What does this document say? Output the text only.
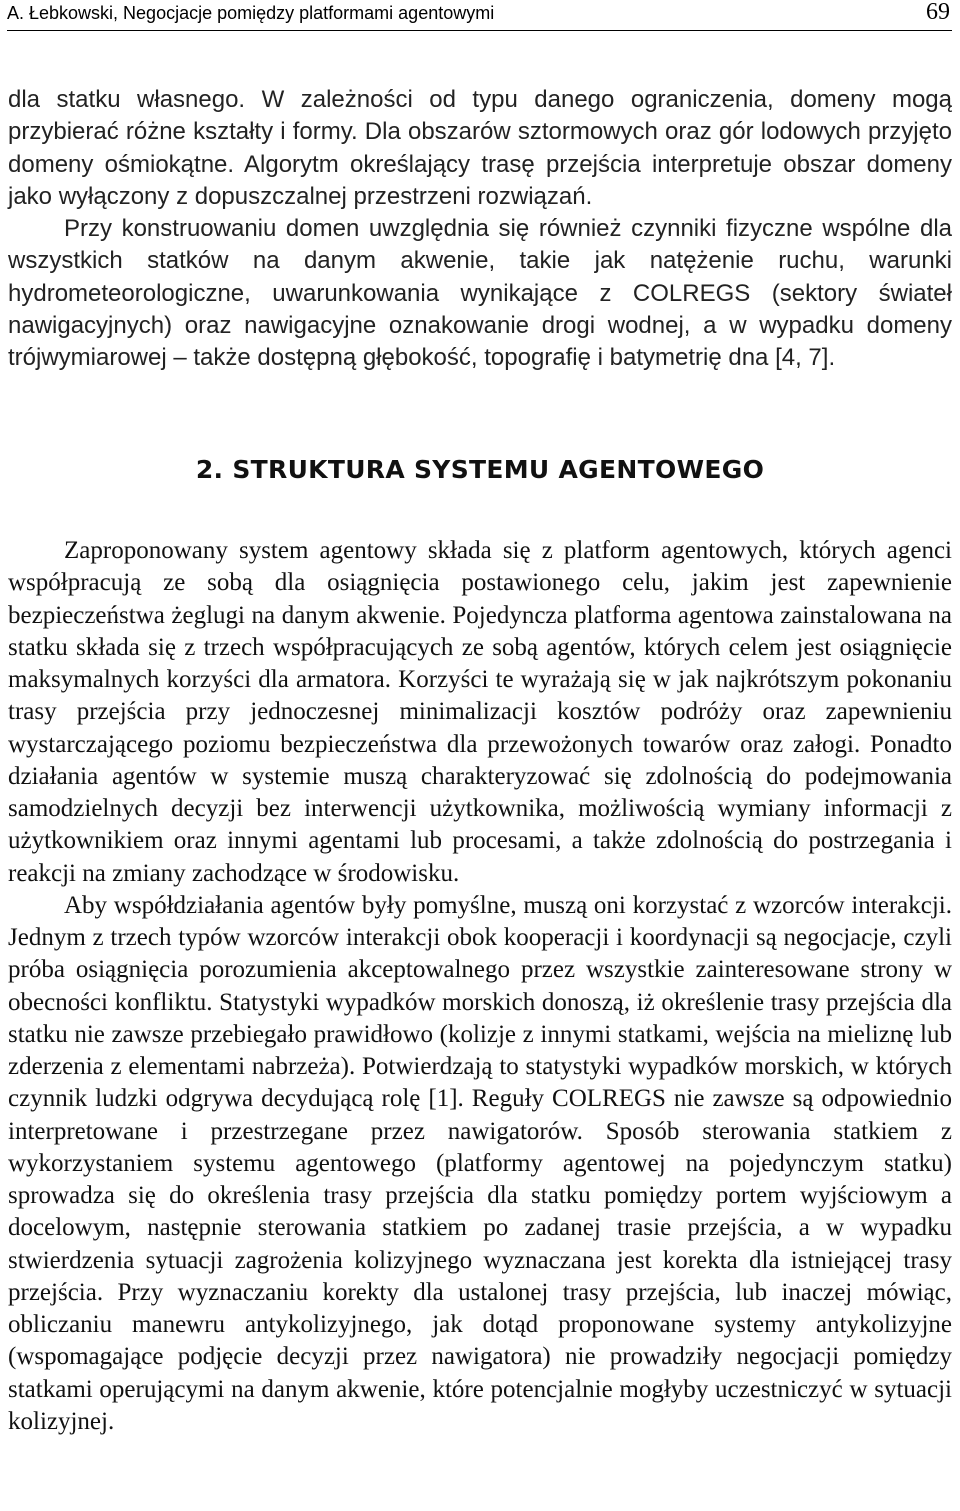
A. Łebkowski, Negocjacje pomiędzy platformami agentowymi	69

dla statku własnego. W zależności od typu danego ograniczenia, domeny mogą przybierać różne kształty i formy. Dla obszarów sztormowych oraz gór lodowych przyjęto domeny ośmiokątne. Algorytm określający trasę przejścia interpretuje obszar domeny jako wyłączony z dopuszczalnej przestrzeni rozwiązań.

Przy konstruowaniu domen uwzględnia się również czynniki fizyczne wspólne dla wszystkich statków na danym akwenie, takie jak natężenie ruchu, warunki hydrometeorologiczne, uwarunkowania wynikające z COLREGS (sektory świateł nawigacyjnych) oraz nawigacyjne oznakowanie drogi wodnej, a w wypadku domeny trójwymiarowej – także dostępną głębokość, topografię i batymetrię dna [4, 7].

2. STRUKTURA SYSTEMU AGENTOWEGO

Zaproponowany system agentowy składa się z platform agentowych, których agenci współpracują ze sobą dla osiągnięcia postawionego celu, jakim jest zapewnienie bezpieczeństwa żeglugi na danym akwenie. Pojedyncza platforma agentowa zainstalowana na statku składa się z trzech współpracujących ze sobą agentów, których celem jest osiągnięcie maksymalnych korzyści dla armatora. Korzyści te wyrażają się w jak najkrótszym pokonaniu trasy przejścia przy jednoczesnej minimalizacji kosztów podróży oraz zapewnieniu wystarczającego poziomu bezpieczeństwa dla przewożonych towarów oraz załogi. Ponadto działania agentów w systemie muszą charakteryzować się zdolnością do podejmowania samodzielnych decyzji bez interwencji użytkownika, możliwością wymiany informacji z użytkownikiem oraz innymi agentami lub procesami, a także zdolnością do postrzegania i reakcji na zmiany zachodzące w środowisku.

Aby współdziałania agentów były pomyślne, muszą oni korzystać z wzorców interakcji. Jednym z trzech typów wzorców interakcji obok kooperacji i koordynacji są negocjacje, czyli próba osiągnięcia porozumienia akceptowalnego przez wszystkie zainteresowane strony w obecności konfliktu. Statystyki wypadków morskich donoszą, iż określenie trasy przejścia dla statku nie zawsze przebiegało prawidłowo (kolizje z innymi statkami, wejścia na mieliznę lub zderzenia z elementami nabrzeża). Potwierdzają to statystyki wypadków morskich, w których czynnik ludzki odgrywa decydującą rolę [1]. Reguły COLREGS nie zawsze są odpowiednio interpretowane i przestrzegane przez nawigatorów. Sposób sterowania statkiem z wykorzystaniem systemu agentowego (platformy agentowej na pojedynczym statku) sprowadza się do określenia trasy przejścia dla statku pomiędzy portem wyjściowym a docelowym, następnie sterowania statkiem po zadanej trasie przejścia, a w wypadku stwierdzenia sytuacji zagrożenia kolizyjnego wyznaczana jest korekta dla istniejącej trasy przejścia. Przy wyznaczaniu korekty dla ustalonej trasy przejścia, lub inaczej mówiąc, obliczaniu manewru antykolizyjnego, jak dotąd proponowane systemy antykolizyjne (wspomagające podjęcie decyzji przez nawigatora) nie prowadziły negocjacji pomiędzy statkami operującymi na danym akwenie, które potencjalnie mogłyby uczestniczyć w sytuacji kolizyjnej.
